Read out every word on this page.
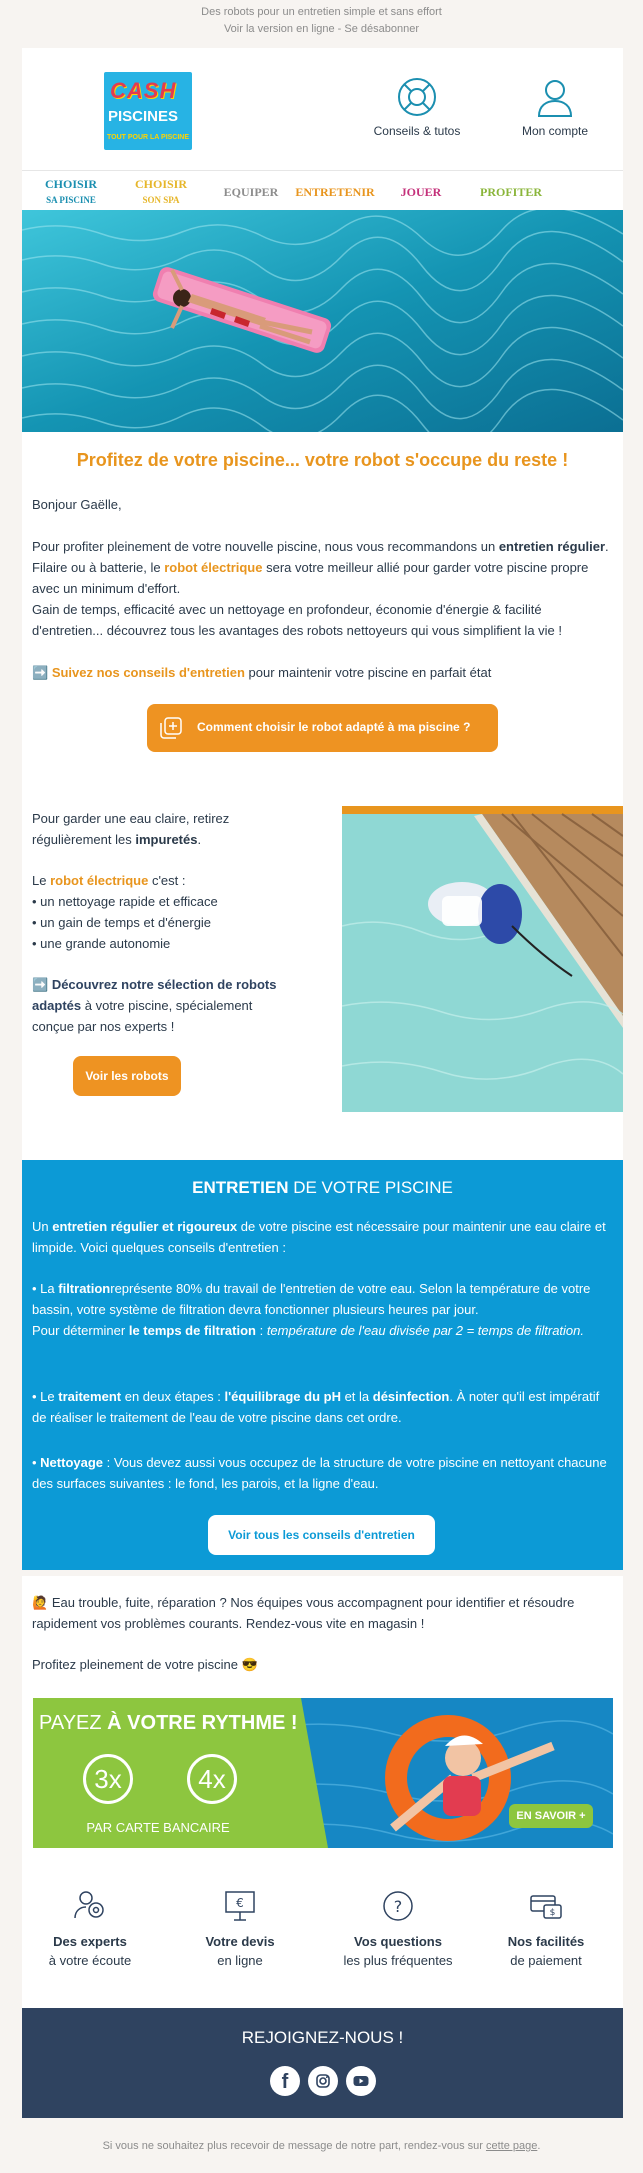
Des robots pour un entretien simple et sans effort
Voir la version en ligne - Se désabonner
CASH
PISCINES
TOUT POUR LA PISCINE	Conseils & tutos	Mon compte
CHOISIR
SA PISCINE
CHOISIR
SON SPA
EQUIPER	ENTRETENIR	JOUER	PROFITER
Profitez de votre piscine... votre robot s'occupe du reste !
Bonjour Gaëlle,
Pour profiter pleinement de votre nouvelle piscine, nous vous recommandons un entretien régulier. Filaire ou à batterie, le robot électrique sera votre meilleur allié pour garder votre piscine propre avec un minimum d'effort.
Gain de temps, efficacité avec un nettoyage en profondeur, économie d'énergie & facilité d'entretien... découvrez tous les avantages des robots nettoyeurs qui vous simplifient la vie !
➡️ Suivez nos conseils d'entretien pour maintenir votre piscine en parfait état
Comment choisir le robot adapté à ma piscine ?
Pour garder une eau claire, retirez régulièrement les impuretés.
Le robot électrique c'est :
• un nettoyage rapide et efficace
• un gain de temps et d'énergie
• une grande autonomie
➡️ Découvrez notre sélection de robots adaptés à votre piscine, spécialement conçue par nos experts !
Voir les robots
ENTRETIEN DE VOTRE PISCINE
Un entretien régulier et rigoureux de votre piscine est nécessaire pour maintenir une eau claire et limpide. Voici quelques conseils d'entretien :
• La filtrationreprésente 80% du travail de l'entretien de votre eau. Selon la température de votre bassin, votre système de filtration devra fonctionner plusieurs heures par jour.
Pour déterminer le temps de filtration : température de l'eau divisée par 2 = temps de filtration.
• Le traitement en deux étapes : l'équilibrage du pH et la désinfection. À noter qu'il est impératif de réaliser le traitement de l'eau de votre piscine dans cet ordre.
• Nettoyage : Vous devez aussi vous occupez de la structure de votre piscine en nettoyant chacune des surfaces suivantes : le fond, les parois, et la ligne d'eau.
Voir tous les conseils d'entretien
🙋 Eau trouble, fuite, réparation ? Nos équipes vous accompagnent pour identifier et résoudre rapidement vos problèmes courants. Rendez-vous vite en magasin !
Profitez pleinement de votre piscine 😎
PAYEZ À VOTRE RYTHME !
3x	4x
PAR CARTE BANCAIRE
EN SAVOIR +
Des experts
à votre écoute
€
Votre devis
en ligne
?
Vos questions
les plus fréquentes
$
Nos facilités
de paiement
REJOIGNEZ-NOUS !
f
Si vous ne souhaitez plus recevoir de message de notre part, rendez-vous sur cette page.
